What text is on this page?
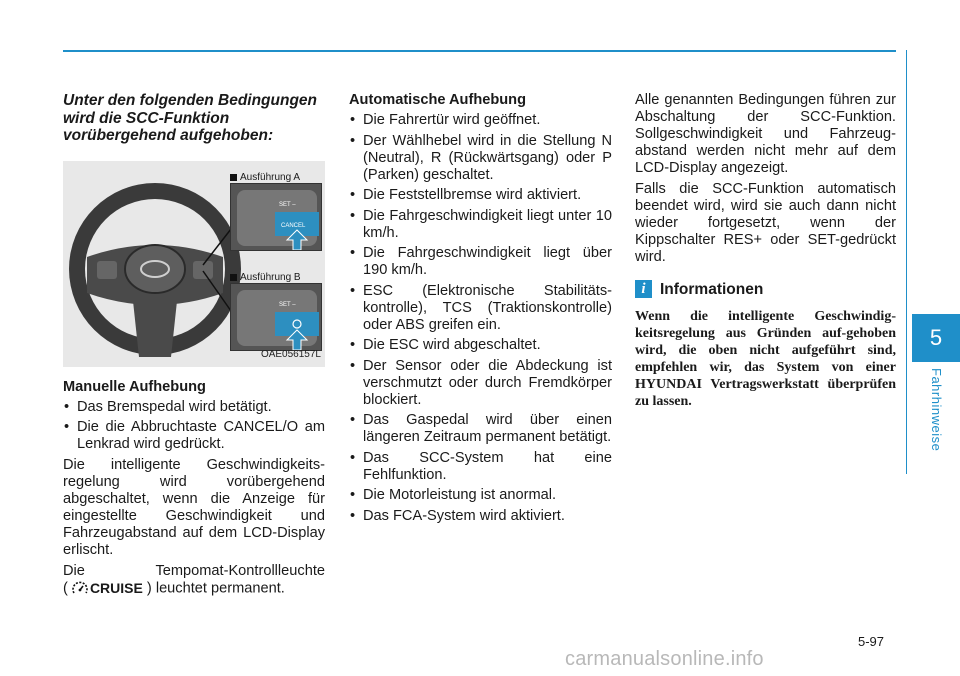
5
Fahrhinweise
Unter den folgenden Bedingungen wird die SCC-Funktion vorübergehend aufgehoben:
Ausführung A
SET –
CANCEL
Ausführung B
SET –
OAE056157L
Manuelle Aufhebung
• Das Bremspedal wird betätigt.
• Die die Abbruchtaste CANCEL/O am Lenkrad wird gedrückt.

Die intelligente Geschwindigkeits-regelung wird vorübergehend abgeschaltet, wenn die Anzeige für eingestellte Geschwindigkeit und Fahrzeugabstand auf dem LCD-Display erlischt.

Die Tempomat-Kontrollleuchte

( CRUISE ) leuchtet permanent.

Automatische Aufhebung
• Die Fahrertür wird geöffnet.
• Der Wählhebel wird in die Stellung N (Neutral), R (Rückwärtsgang) oder P (Parken) geschaltet.
• Die Feststellbremse wird aktiviert.
• Die Fahrgeschwindigkeit liegt unter 10 km/h.
• Die Fahrgeschwindigkeit liegt über 190 km/h.
• ESC (Elektronische Stabilitäts-kontrolle), TCS (Traktionskontrolle) oder ABS greifen ein.
• Die ESC wird abgeschaltet.
• Der Sensor oder die Abdeckung ist verschmutzt oder durch Fremdkörper blockiert.
• Das Gaspedal wird über einen längeren Zeitraum permanent betätigt.
• Das SCC-System hat eine Fehlfunktion.
• Die Motorleistung ist anormal.
• Das FCA-System wird aktiviert.

Alle genannten Bedingungen führen zur Abschaltung der SCC-Funktion. Sollgeschwindigkeit und Fahrzeug-abstand werden nicht mehr auf dem LCD-Display angezeigt.

Falls die SCC-Funktion automatisch beendet wird, wird sie auch dann nicht wieder fortgesetzt, wenn der Kippschalter RES+ oder SET-gedrückt wird.

i Informationen

Wenn die intelligente Geschwindig-keitsregelung aus Gründen auf-gehoben wird, die oben nicht aufgeführt sind, empfehlen wir, das System von einer HYUNDAI Vertragswerkstatt überprüfen zu lassen.

5-97
carmanualsonline.info
